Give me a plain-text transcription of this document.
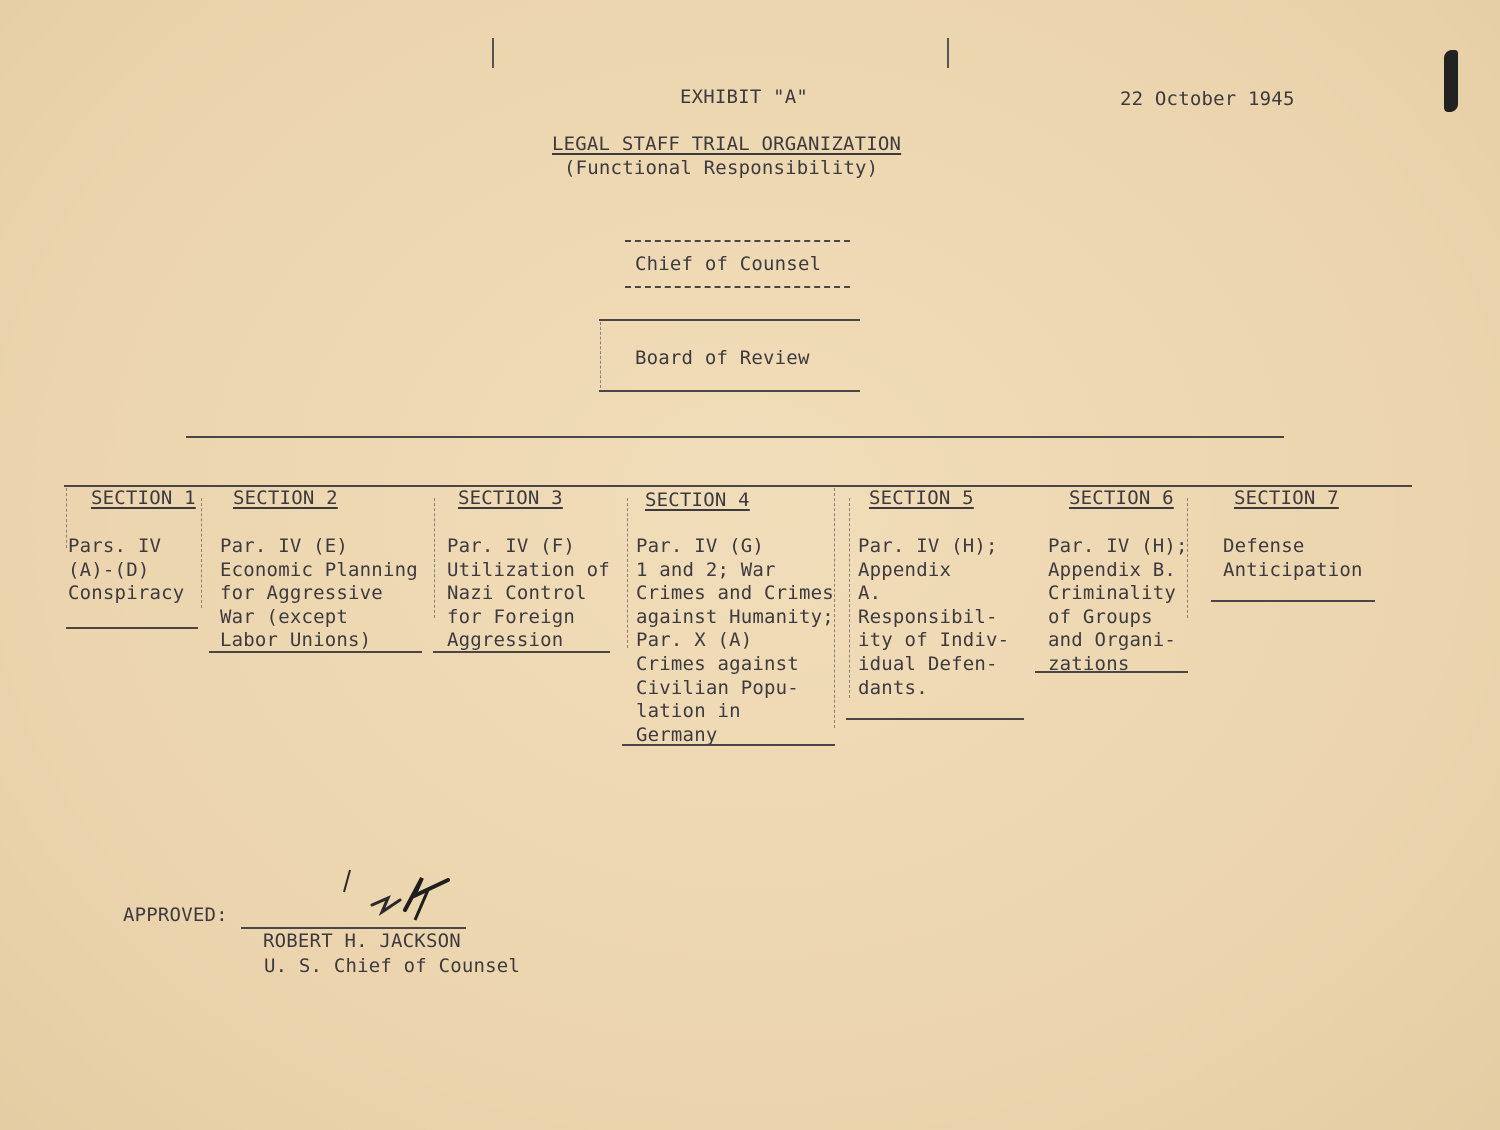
EXHIBIT "A"	22 October 1945
LEGAL STAFF TRIAL ORGANIZATION
(Functional Responsibility)
Chief of Counsel
Board of Review
SECTION 1
Pars. IV
(A)-(D)
Conspiracy
SECTION 2
Par. IV (E)
Economic Planning
for Aggressive
War (except
Labor Unions)
SECTION 3
Par. IV (F)
Utilization of
Nazi Control
for Foreign
Aggression
SECTION 4
Par. IV (G)
1 and 2; War
Crimes and Crimes
against Humanity;
Par. X (A)
Crimes against
Civilian Popu-
lation in
Germany
SECTION 5
Par. IV (H);
Appendix
A.
Responsibil-
ity of Indiv-
idual Defen-
dants.
SECTION 6
Par. IV (H);
Appendix B.
Criminality
of Groups
and Organi-
zations
SECTION 7
Defense
Anticipation
APPROVED:
ROBERT H. JACKSON
U. S. Chief of Counsel
